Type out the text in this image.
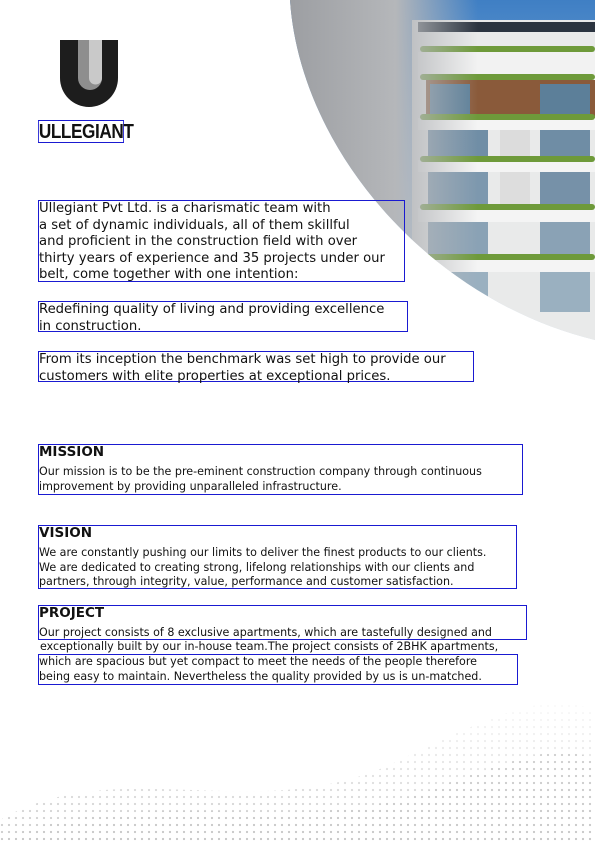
ULLEGIANT

Ullegiant Pvt Ltd. is a charismatic team with

a set of dynamic individuals, all of them skillful

and proficient in the construction field with over

thirty years of experience and 35 projects under our

belt, come together with one intention:

Redefining quality of living and providing excellence

in construction.

From its inception the benchmark was set high to provide our

customers with elite properties at exceptional prices.

MISSION

Our mission is to be the pre-eminent construction company through continuous

improvement by providing unparalleled infrastructure.

VISION

We are constantly pushing our limits to deliver the finest products to our clients.

We are dedicated to creating strong, lifelong relationships with our clients and

partners, through integrity, value, performance and customer satisfaction.

PROJECT

Our project consists of 8 exclusive apartments, which are tastefully designed and

exceptionally built by our in-house team.The project consists of 2BHK apartments,

which are spacious but yet compact to meet the needs of the people therefore

being easy to maintain. Nevertheless the quality provided by us is un-matched.
